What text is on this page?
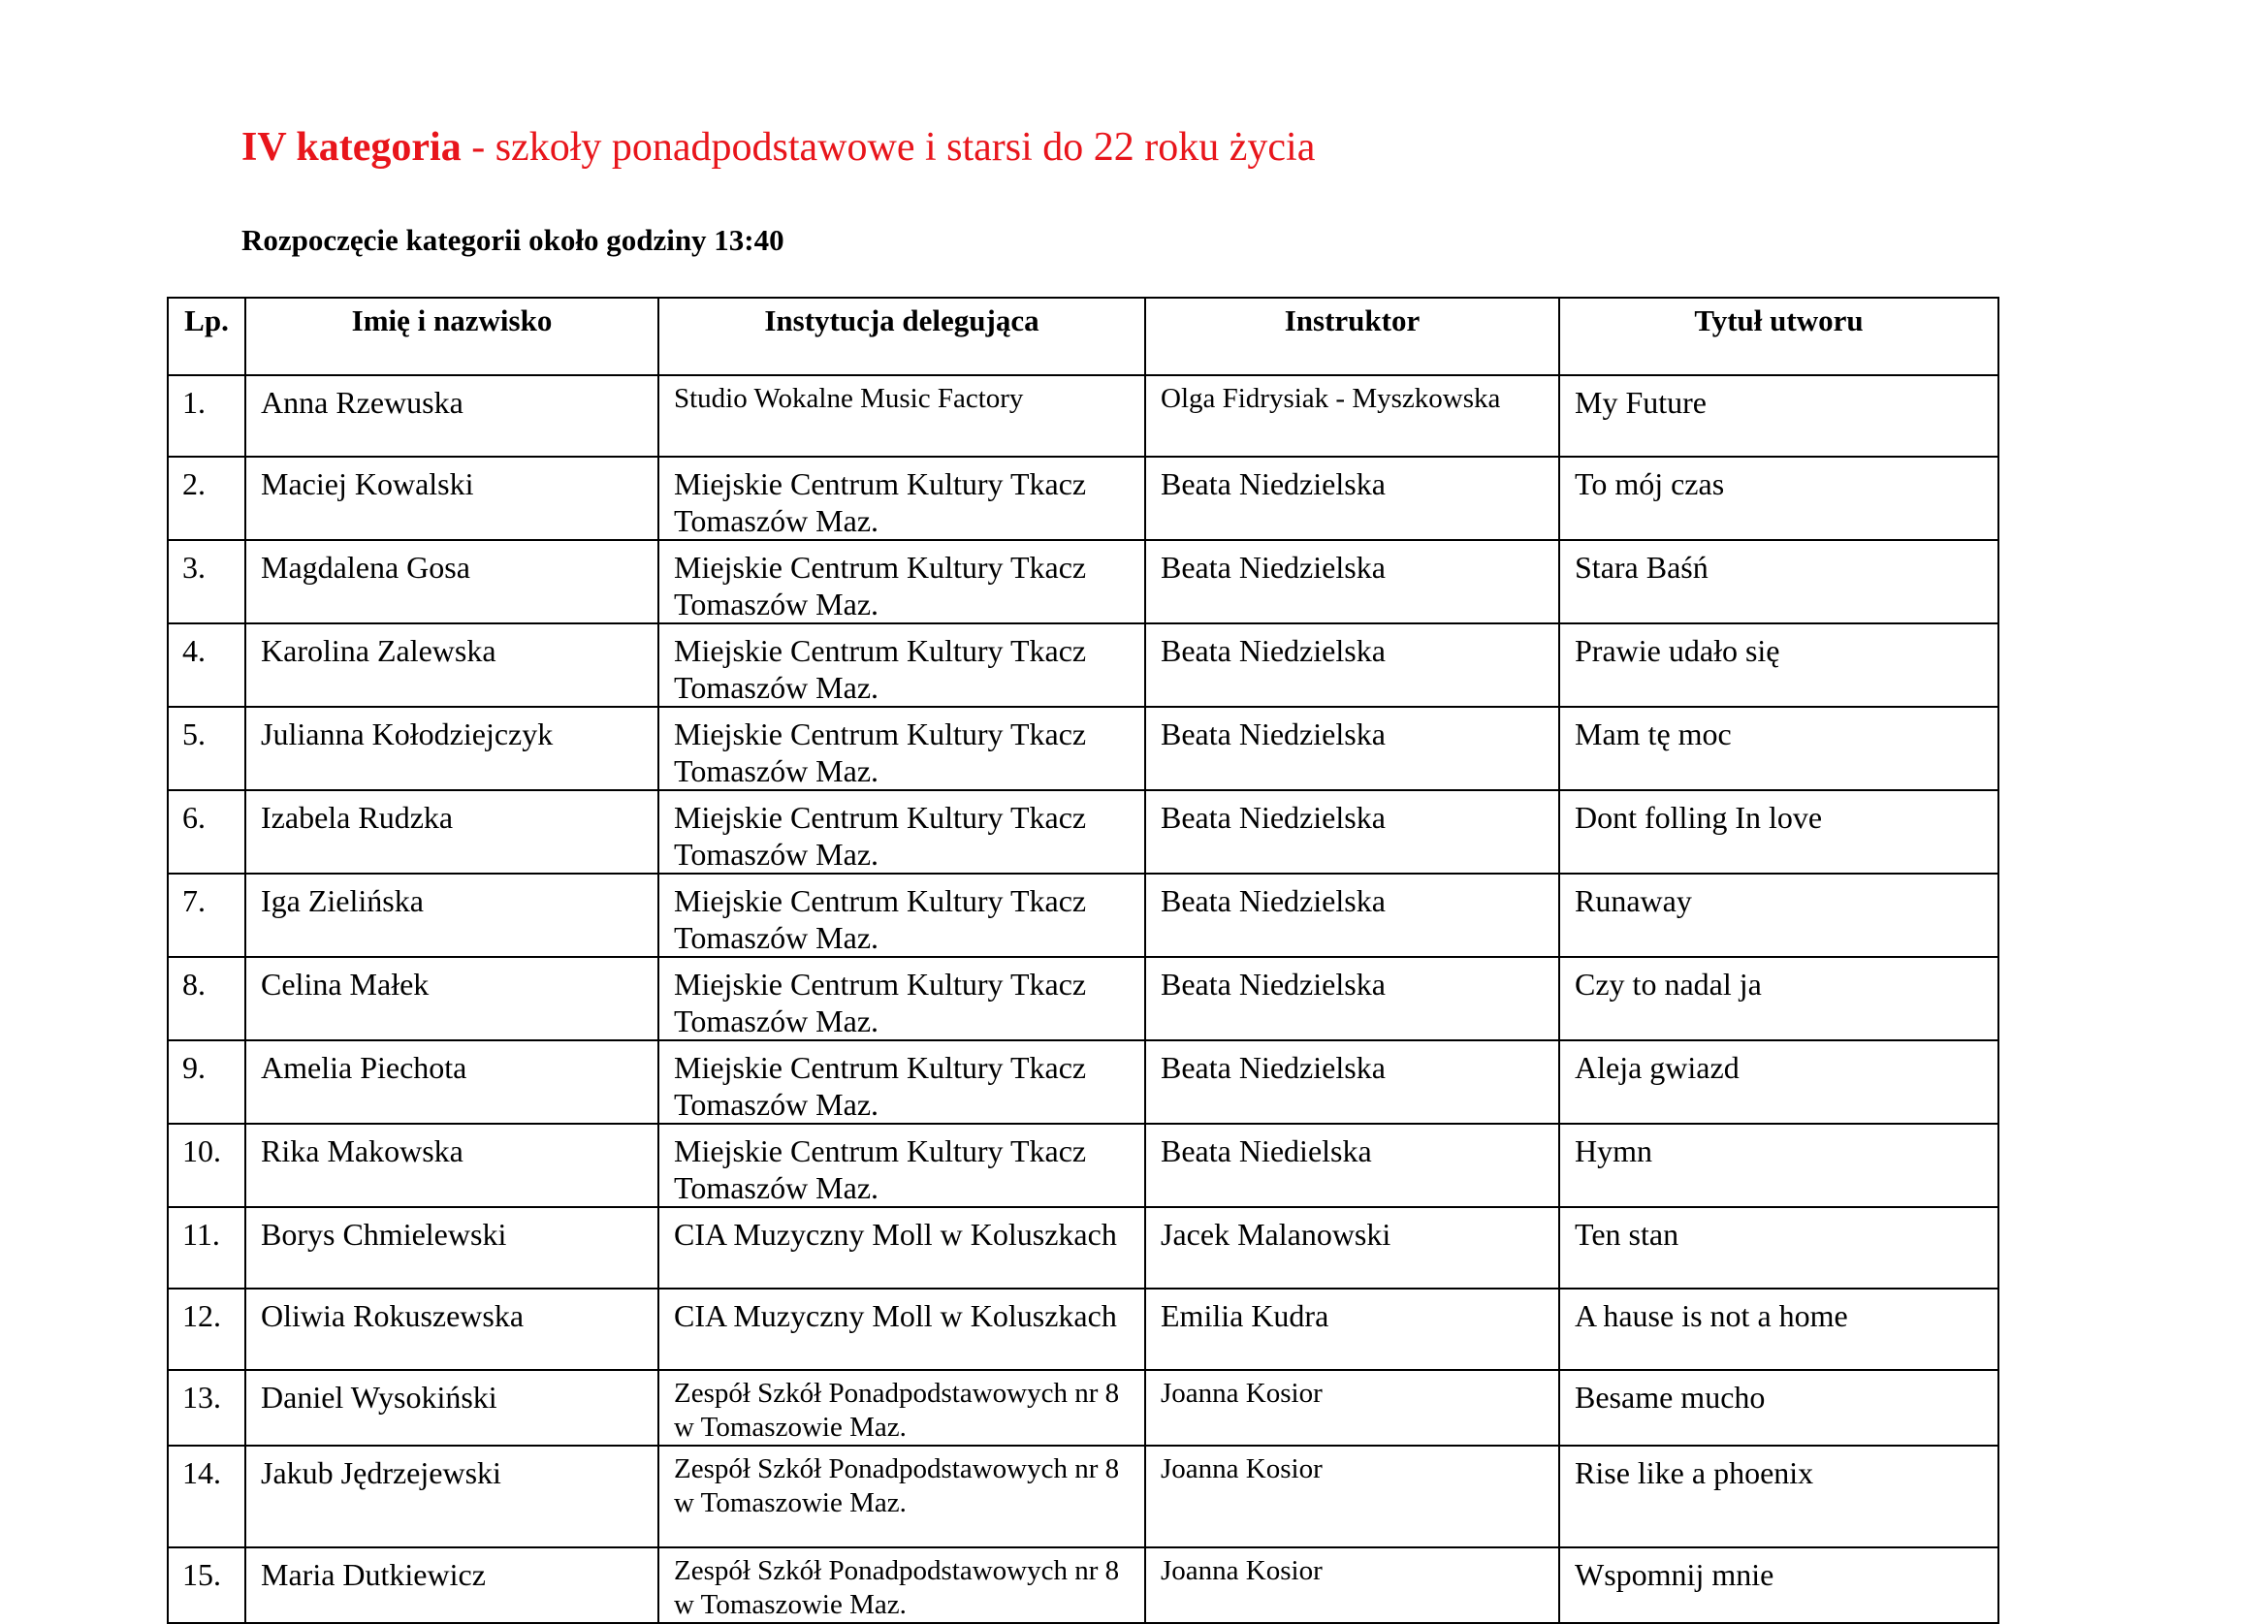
IV kategoria - szkoły ponadpodstawowe i starsi do 22 roku życia
Rozpoczęcie kategorii około godziny 13:40
Lp.	Imię i nazwisko	Instytucja delegująca	Instruktor	Tytuł utworu
1.	Anna Rzewuska	Studio Wokalne Music Factory	Olga Fidrysiak - Myszkowska	My Future
2.	Maciej Kowalski	Miejskie Centrum Kultury Tkacz Tomaszów Maz.	Beata Niedzielska	To mój czas
3.	Magdalena Gosa	Miejskie Centrum Kultury Tkacz Tomaszów Maz.	Beata Niedzielska	Stara Baśń
4.	Karolina Zalewska	Miejskie Centrum Kultury Tkacz Tomaszów Maz.	Beata Niedzielska	Prawie udało się
5.	Julianna Kołodziejczyk	Miejskie Centrum Kultury Tkacz Tomaszów Maz.	Beata Niedzielska	Mam tę moc
6.	Izabela Rudzka	Miejskie Centrum Kultury Tkacz Tomaszów Maz.	Beata Niedzielska	Dont folling In love
7.	Iga Zielińska	Miejskie Centrum Kultury Tkacz Tomaszów Maz.	Beata Niedzielska	Runaway
8.	Celina Małek	Miejskie Centrum Kultury Tkacz Tomaszów Maz.	Beata Niedzielska	Czy to nadal ja
9.	Amelia Piechota	Miejskie Centrum Kultury Tkacz Tomaszów Maz.	Beata Niedzielska	Aleja gwiazd
10.	Rika Makowska	Miejskie Centrum Kultury Tkacz Tomaszów Maz.	Beata Niedielska	Hymn
11.	Borys Chmielewski	CIA Muzyczny Moll w Koluszkach	Jacek Malanowski	Ten stan
12.	Oliwia Rokuszewska	CIA Muzyczny Moll w Koluszkach	Emilia Kudra	A hause is not a home
13.	Daniel Wysokiński	Zespół Szkół Ponadpodstawowych nr 8 w Tomaszowie Maz.	Joanna Kosior	Besame mucho
14.	Jakub Jędrzejewski	Zespół Szkół Ponadpodstawowych nr 8 w Tomaszowie Maz.	Joanna Kosior	Rise like a phoenix
15.	Maria Dutkiewicz	Zespół Szkół Ponadpodstawowych nr 8 w Tomaszowie Maz.	Joanna Kosior	Wspomnij mnie
